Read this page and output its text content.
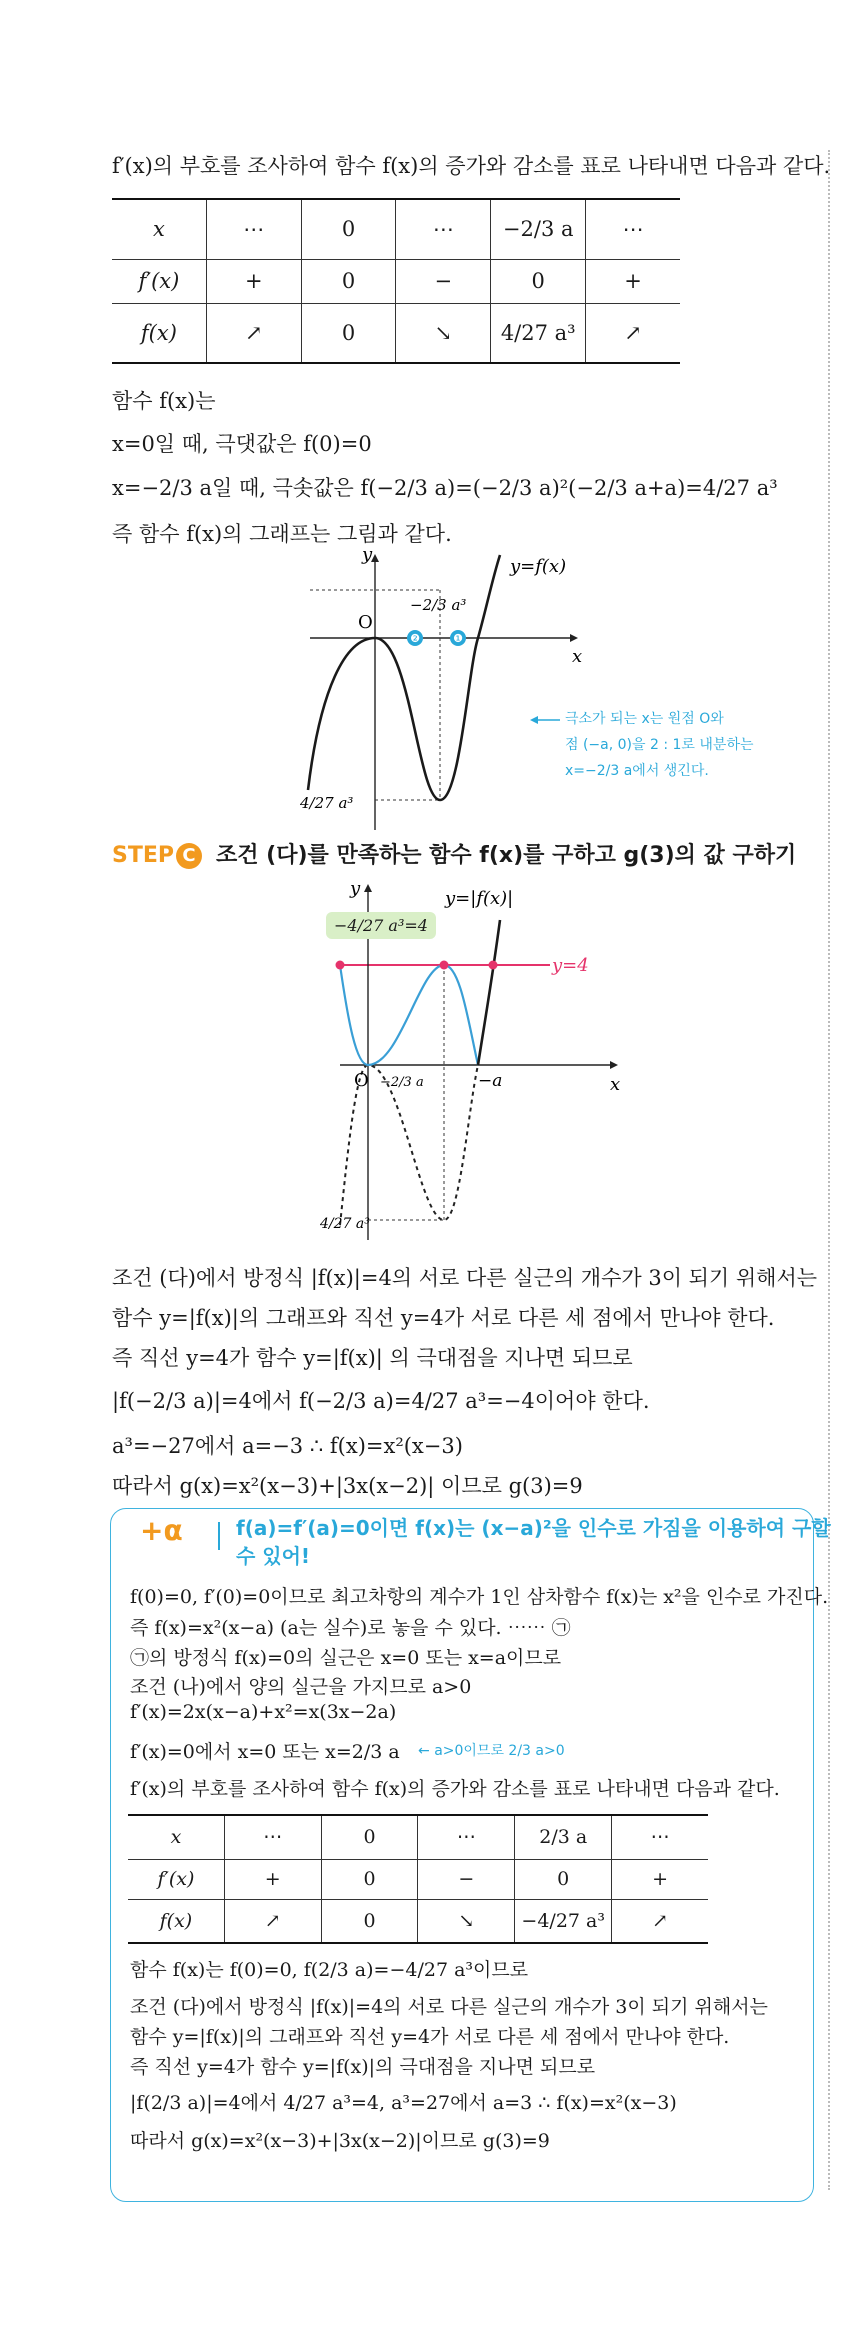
f′(x)의 부호를 조사하여 함수 f(x)의 증가와 감소를 표로 나타내면 다음과 같다.
x	⋯	0	⋯	−2/3 a	⋯
f′(x)	+	0	−	0	+
f(x)	↗	0	↘	4/27 a³	↗
함수 f(x)는
x=0일 때, 극댓값은 f(0)=0
x=−2/3 a일 때, 극솟값은 f(−2/3 a)=(−2/3 a)²(−2/3 a+a)=4/27 a³
즉 함수 f(x)의 그래프는 그림과 같다.
❷	❶
y
x
O
y=f(x)
−2/3 a³
4/27 a³
극소가 되는 x는 원점 O와
점 (−a, 0)을 2 : 1로 내분하는
x=−2/3 a에서 생긴다.
STEP C 조건 (다)를 만족하는 함수 f(x)를 구하고 g(3)의 값 구하기
y
x
O
y=|f(x)|
y=4
−2/3 a	−a
4/27 a³
−4/27 a³=4
조건 (다)에서 방정식 |f(x)|=4의 서로 다른 실근의 개수가 3이 되기 위해서는
함수 y=|f(x)|의 그래프와 직선 y=4가 서로 다른 세 점에서 만나야 한다.
즉 직선 y=4가 함수 y=|f(x)| 의 극대점을 지나면 되므로
|f(−2/3 a)|=4에서 f(−2/3 a)=4/27 a³=−4이어야 한다.
a³=−27에서 a=−3 ∴ f(x)=x²(x−3)
따라서 g(x)=x²(x−3)+|3x(x−2)| 이므로 g(3)=9
+α	f(a)=f′(a)=0이면 f(x)는 (x−a)²을 인수로 가짐을 이용하여 구할
수 있어!
f(0)=0, f′(0)=0이므로 최고차항의 계수가 1인 삼차함수 f(x)는 x²을 인수로 가진다.
즉 f(x)=x²(x−a) (a는 실수)로 놓을 수 있다. ⋯⋯ ㉠
㉠의 방정식 f(x)=0의 실근은 x=0 또는 x=a이므로
조건 (나)에서 양의 실근을 가지므로 a>0
f′(x)=2x(x−a)+x²=x(3x−2a)
f′(x)=0에서 x=0 또는 x=2/3 a ← a>0이므로 2/3 a>0
f′(x)의 부호를 조사하여 함수 f(x)의 증가와 감소를 표로 나타내면 다음과 같다.
x	⋯	0	⋯	2/3 a	⋯
f′(x)	+	0	−	0	+
f(x)	↗	0	↘	−4/27 a³	↗
함수 f(x)는 f(0)=0, f(2/3 a)=−4/27 a³이므로
조건 (다)에서 방정식 |f(x)|=4의 서로 다른 실근의 개수가 3이 되기 위해서는
함수 y=|f(x)|의 그래프와 직선 y=4가 서로 다른 세 점에서 만나야 한다.
즉 직선 y=4가 함수 y=|f(x)|의 극대점을 지나면 되므로
|f(2/3 a)|=4에서 4/27 a³=4, a³=27에서 a=3 ∴ f(x)=x²(x−3)
따라서 g(x)=x²(x−3)+|3x(x−2)|이므로 g(3)=9
